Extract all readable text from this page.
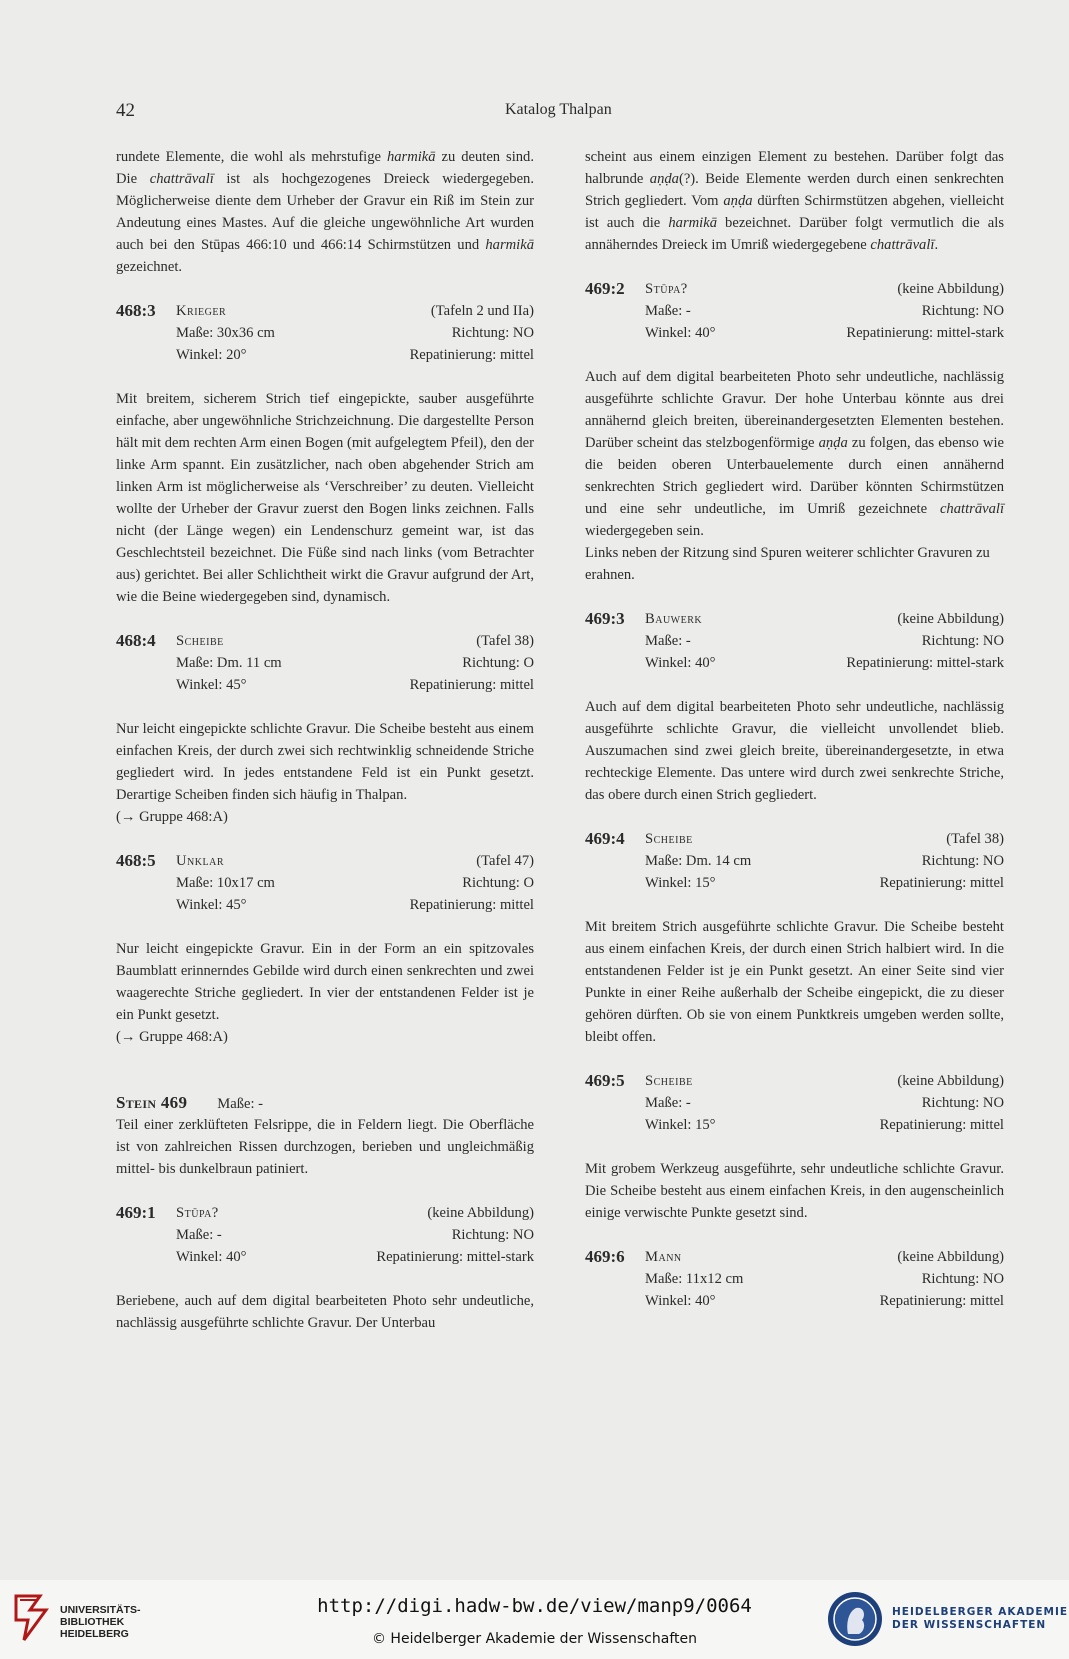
42	Katalog Thalpan

rundete Elemente, die wohl als mehrstufige harmikā zu deuten sind. Die chattrāvalī ist als hochgezogenes Dreieck wiedergegeben. Möglicherweise diente dem Urheber der Gravur ein Riß im Stein zur Andeutung eines Mastes. Auf die gleiche ungewöhnliche Art wurden auch bei den Stūpas 466:10 und 466:14 Schirmstützen und harmikā gezeichnet.

468:3	Krieger	(Tafeln 2 und IIa)
Maße: 30x36 cm	Richtung: NO
Winkel: 20°	Repatinierung: mittel

Mit breitem, sicherem Strich tief eingepickte, sauber ausgeführte einfache, aber ungewöhnliche Strichzeichnung. Die dargestellte Person hält mit dem rechten Arm einen Bogen (mit aufgelegtem Pfeil), den der linke Arm spannt. Ein zusätzlicher, nach oben abgehender Strich am linken Arm ist möglicherweise als ‘Verschreiber’ zu deuten. Vielleicht wollte der Urheber der Gravur zuerst den Bogen links zeichnen. Falls nicht (der Länge wegen) ein Lendenschurz gemeint war, ist das Geschlechtsteil bezeichnet. Die Füße sind nach links (vom Betrachter aus) gerichtet. Bei aller Schlichtheit wirkt die Gravur aufgrund der Art, wie die Beine wiedergegeben sind, dynamisch.

468:4	Scheibe	(Tafel 38)
Maße: Dm. 11 cm	Richtung: O
Winkel: 45°	Repatinierung: mittel

Nur leicht eingepickte schlichte Gravur. Die Scheibe besteht aus einem einfachen Kreis, der durch zwei sich rechtwinklig schneidende Striche gegliedert wird. In jedes entstandene Feld ist ein Punkt gesetzt. Derartige Scheiben finden sich häufig in Thalpan.

(→ Gruppe 468:A)

468:5	Unklar	(Tafel 47)
Maße: 10x17 cm	Richtung: O
Winkel: 45°	Repatinierung: mittel

Nur leicht eingepickte Gravur. Ein in der Form an ein spitzovales Baumblatt erinnerndes Gebilde wird durch einen senkrechten und zwei waagerechte Striche gegliedert. In vier der entstandenen Felder ist je ein Punkt gesetzt.

(→ Gruppe 468:A)

Stein 469 Maße: -

Teil einer zerklüfteten Felsrippe, die in Feldern liegt. Die Oberfläche ist von zahlreichen Rissen durchzogen, berieben und ungleichmäßig mittel- bis dunkelbraun patiniert.

469:1	Stūpa?	(keine Abbildung)
Maße: -	Richtung: NO
Winkel: 40°	Repatinierung: mittel-stark

Beriebene, auch auf dem digital bearbeiteten Photo sehr undeutliche, nachlässig ausgeführte schlichte Gravur. Der Unterbau

scheint aus einem einzigen Element zu bestehen. Darüber folgt das halbrunde aṇḍa(?). Beide Elemente werden durch einen senkrechten Strich gegliedert. Vom aṇḍa dürften Schirmstützen abgehen, vielleicht ist auch die harmikā bezeichnet. Darüber folgt vermutlich die als annäherndes Dreieck im Umriß wiedergegebene chattrāvalī.

469:2	Stūpa?	(keine Abbildung)
Maße: -	Richtung: NO
Winkel: 40°	Repatinierung: mittel-stark

Auch auf dem digital bearbeiteten Photo sehr undeutliche, nachlässig ausgeführte schlichte Gravur. Der hohe Unterbau könnte aus drei annähernd gleich breiten, übereinandergesetzten Elementen bestehen. Darüber scheint das stelzbogenförmige aṇḍa zu folgen, das ebenso wie die beiden oberen Unterbauelemente durch einen annähernd senkrechten Strich gegliedert wird. Darüber könnten Schirmstützen und eine sehr undeutliche, im Umriß gezeichnete chattrāvalī wiedergegeben sein.

Links neben der Ritzung sind Spuren weiterer schlichter Gravuren zu erahnen.

469:3	Bauwerk	(keine Abbildung)
Maße: -	Richtung: NO
Winkel: 40°	Repatinierung: mittel-stark

Auch auf dem digital bearbeiteten Photo sehr undeutliche, nachlässig ausgeführte schlichte Gravur, die vielleicht unvollendet blieb. Auszumachen sind zwei gleich breite, übereinandergesetzte, in etwa rechteckige Elemente. Das untere wird durch zwei senkrechte Striche, das obere durch einen Strich gegliedert.

469:4	Scheibe	(Tafel 38)
Maße: Dm. 14 cm	Richtung: NO
Winkel: 15°	Repatinierung: mittel

Mit breitem Strich ausgeführte schlichte Gravur. Die Scheibe besteht aus einem einfachen Kreis, der durch einen Strich halbiert wird. In die entstandenen Felder ist je ein Punkt gesetzt. An einer Seite sind vier Punkte in einer Reihe außerhalb der Scheibe eingepickt, die zu dieser gehören dürften. Ob sie von einem Punktkreis umgeben werden sollte, bleibt offen.

469:5	Scheibe	(keine Abbildung)
Maße: -	Richtung: NO
Winkel: 15°	Repatinierung: mittel

Mit grobem Werkzeug ausgeführte, sehr undeutliche schlichte Gravur. Die Scheibe besteht aus einem einfachen Kreis, in den augenscheinlich einige verwischte Punkte gesetzt sind.

469:6	Mann	(keine Abbildung)
Maße: 11x12 cm	Richtung: NO
Winkel: 40°	Repatinierung: mittel
UNIVERSITÄTS-
BIBLIOTHEK
HEIDELBERG
http://digi.hadw-bw.de/view/manp9/0064
© Heidelberger Akademie der Wissenschaften
HEIDELBERGER AKADEMIE
DER WISSENSCHAFTEN
